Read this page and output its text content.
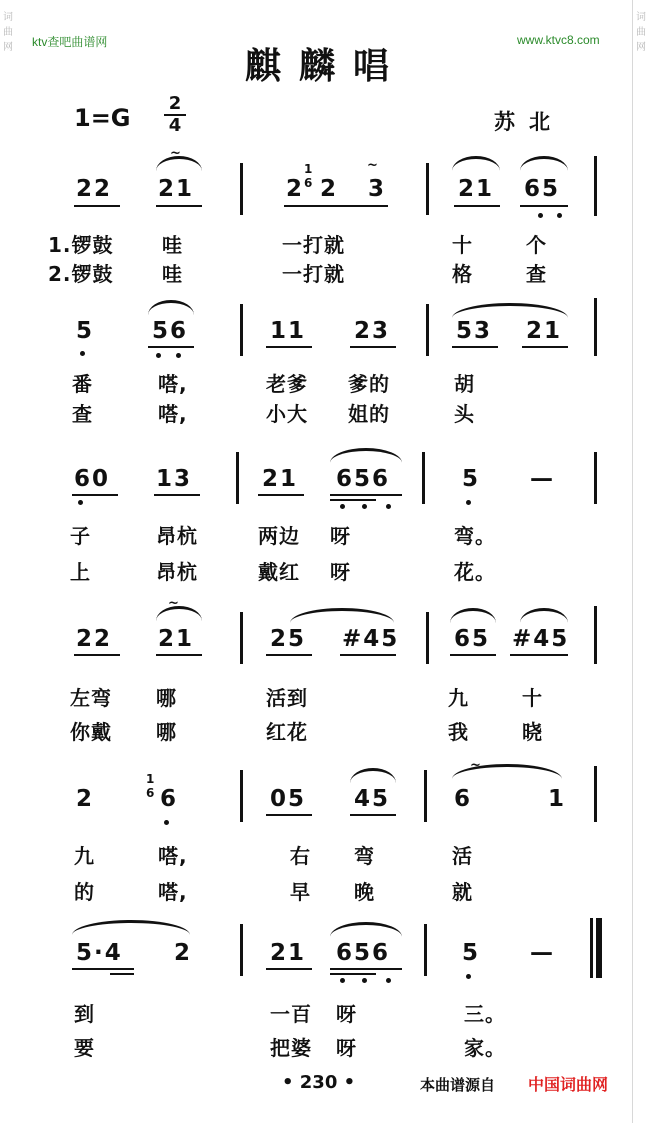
词曲网
词曲网
ktv查吧曲谱网	www.ktvc8.com
麒麟唱
1=G
2
4	苏北
22 21
~
2
1
6 2 3
~
21 65
1.锣鼓 哇	一打就	十	个
2.锣鼓 哇	一打就	格	查
5	56	11 23	53 21
番	嗒,	老爹 爹的	胡
查	嗒,	小大 姐的	头
60 13	21 656	5 —
子	昂杭	两边 呀	弯。
上	昂杭	戴红 呀	花。
22 21
~
25 #45 65 #45
左弯 哪	活到	九	十
你戴 哪	红花	我	晓
2
1
6 6	05 45	6	1
~
九	嗒,	右 弯	活
的	嗒,	早 晚	就
5·4 2	21 656	5 —
到	一百 呀	三。
要	把婆 呀	家。
• 230 •	本曲谱源自 中国词曲网
